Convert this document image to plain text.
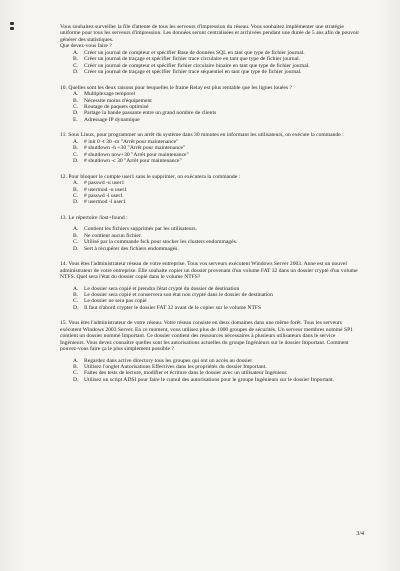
Vous souhaitez surveiller la file d'attente de tous les serveurs d'impression du réseau. Vous souhaitez implémenter une stratégie uniforme pour tous les serveurs d'impression. Les données seront centralisées et archivées pendant une durée de 5 ans afin de pouvoir générer des statistiques.

Que devez-vous faire ?

A. Créer un journal de compteur et spécifier Base de données SQL en tant que type de fichier journal.
B. Créer un journal de traçage et spécifier fichier trace circulaire en tant que type de fichier journal.
C. Créer un journal de compteur et spécifier fichier circulaire binaire en tant que type de fichier journal.
D. Créer un journal de traçage et spécifier fichier trace séquentiel en tant que type de fichier journal.
10. Quelles sont les deux raisons pour lesquelles le frame Relay est plus rentable que les lignes louées ?
A. Multiplexage temporel
B. Nécessite moins d'équipement
C. Routage de paquets optimisé
D. Partage la bande passante entre un grand nombre de clients
E. Adressage IP dynamique
11. Sous Linux, pour programmer un arrêt du système dans 30 minutes en informant les utilisateurs, on exécute la commande :
A. # init 0 -t 30 -m "Arrêt pour maintenance"
B. # shutdown -h +30 "Arrêt pour maintenance"
C. # shutdown now+30 "Arrêt pour maintenance"
D. # shutdown -c 30 "Arrêt pour maintenance"
12. Pour bloquer le compte user1 sans le supprimer, on exécutera la commande :
A. # passwd -u user1
B. # usermod -u user1
C. # passwd -l user1
D. # usermod -l user1
13. Le répertoire /lost+found :
A. Contient les fichiers supprimés par les utilisateurs.
B. Ne contient aucun fichier.
C. Utilisé par la commande fsck pour stocker les clusters endommagés.
D. Sert à récupérer des fichiers endommagés.
14. Vous êtes l'administrateur réseau de votre entreprise. Tous vos serveurs exécutent Windows Server 2003. Anne est un nouvel administrateur de votre entreprise. Elle souhaite copier un dossier provenant d'un volume FAT 32 dans un dossier crypté d'un volume NTFS. Quel sera l'état du dossier copié dans le volume NTFS?
A. Le dossier sera copié et prendra l'état crypté du dossier de destination
B. Le dossier sera copié et conservera son état non crypté dans le dossier de destination
C. Le dossier ne sera pas copié
D. Il faut d'abord crypter le dossier FAT 32 avant de le copier sur le volume NTFS
15. Vous êtes l'administrateur de votre réseau. Votre réseau consiste en deux domaines dans une même forêt. Tous les serveurs exécutent Windows 2003 Server. En ce moment, vous utilisez plus de 1000 groupes de sécurités. Un serveur membres nommé SP1 contient un dossier nommé Important. Ce dossier contient des ressources nécessaires à plusieurs utilisateurs dans le service Ingénieurs. Vous devez connaître quelles sont les autorisations actuelles du groupe Ingénieurs sur le dossier Important. Comment pouvez-vous faire ça le plus simplement possible ?
A. Regardez dans active directory tous les groupes qui ont un accès au dossier
B. Utilisez l'onglet Autorisations Effectives dans les propriétés du dossier Important.
C. Faites des tests de lecture, modifier et écriture dans le dossier avec un utilisateur Ingénieur.
D. Utilisez un script ADSI pour faire le cumul des autorisations pour le groupe Ingénieurs sur le dossier Important.
3/4
